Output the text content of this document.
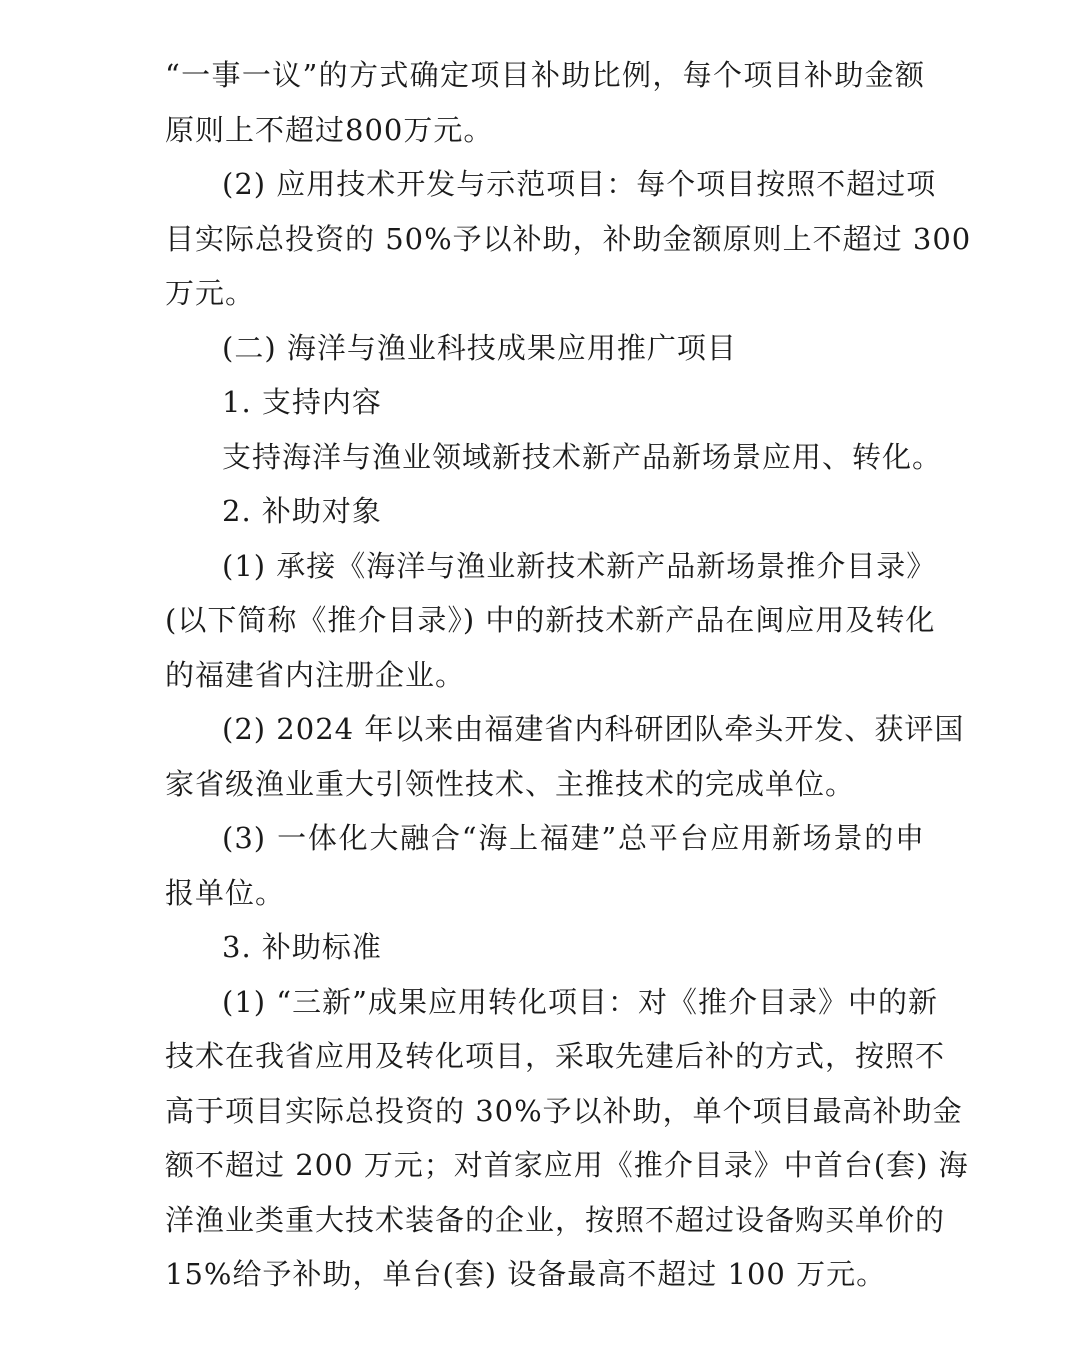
“一事一议”的方式确定项目补助比例，每个项目补助金额
原则上不超过800万元。
(2) 应用技术开发与示范项目：每个项目按照不超过项
目实际总投资的 50%予以补助，补助金额原则上不超过 300
万元。
(二) 海洋与渔业科技成果应用推广项目
1. 支持内容
支持海洋与渔业领域新技术新产品新场景应用、转化。
2. 补助对象
(1) 承接《海洋与渔业新技术新产品新场景推介目录》
(以下简称《推介目录》) 中的新技术新产品在闽应用及转化
的福建省内注册企业。
(2) 2024 年以来由福建省内科研团队牵头开发、获评国
家省级渔业重大引领性技术、主推技术的完成单位。
(3) 一体化大融合“海上福建”总平台应用新场景的申
报单位。
3. 补助标准
(1) “三新”成果应用转化项目：对《推介目录》中的新
技术在我省应用及转化项目，采取先建后补的方式，按照不
高于项目实际总投资的 30%予以补助，单个项目最高补助金
额不超过 200 万元；对首家应用《推介目录》中首台(套) 海
洋渔业类重大技术装备的企业，按照不超过设备购买单价的
15%给予补助，单台(套) 设备最高不超过 100 万元。
